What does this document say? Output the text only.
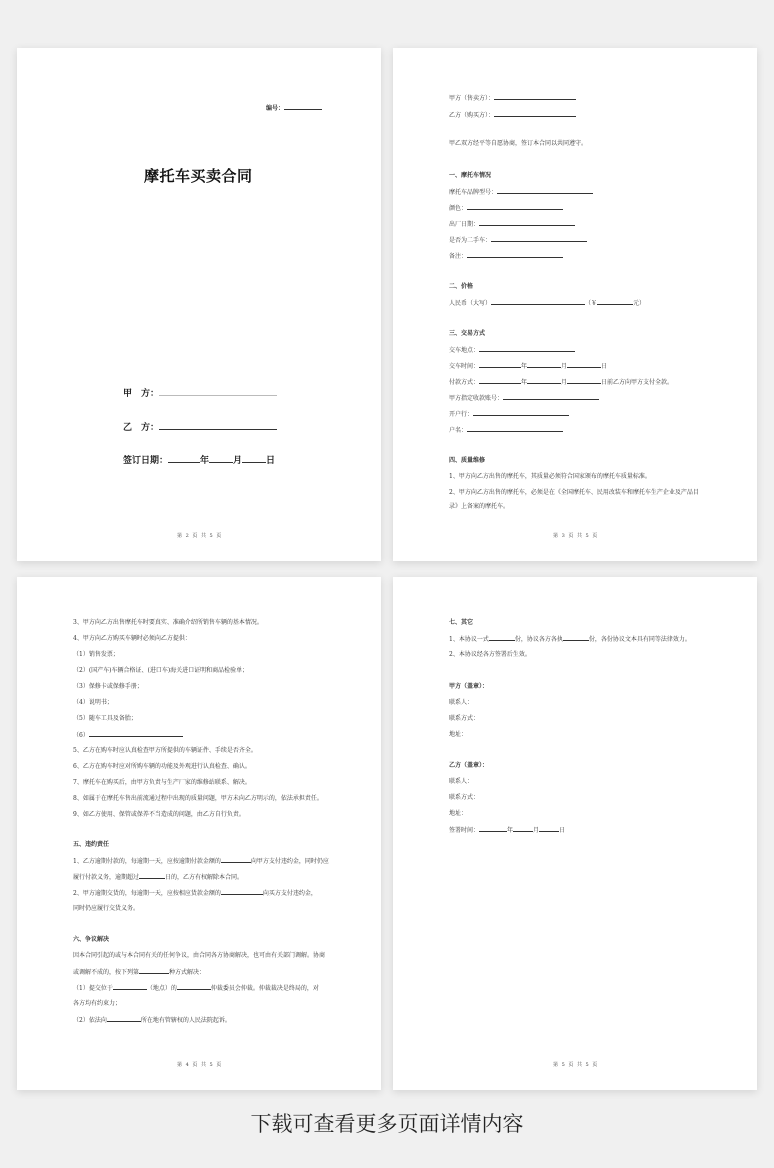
编号：
摩托车买卖合同
甲　方：
乙　方：
签订日期：	年	月	日
第 2 页 共 5 页
甲方（售卖方）：
乙方（购买方）：
甲乙双方经平等自愿协商，签订本合同以共同遵守。
一、摩托车情况
摩托车品牌型号：
颜色：
出厂日期：
是否为二手车：
备注：
二、价格
人民币（大写）	（￥	元）
三、交易方式
交车地点：
交车时间：	年	月	日
付款方式：	年	月	日前乙方向甲方支付全款。
甲方指定收款账号：
开户行：
户名：
四、质量维修
1、甲方向乙方出售的摩托车，其质量必须符合国家颁布的摩托车质量标准。
2、甲方向乙方出售的摩托车，必须是在《全国摩托车、民用改装车和摩托车生产企业及产品目
录》上备案的摩托车。
第 3 页 共 5 页
3、甲方向乙方出售摩托车时要真实、准确介绍所销售车辆的基本情况。
4、甲方向乙方购买车辆时必须向乙方提供：
（1）销售发票；
（2）(国产车)车辆合格证、(进口车)海关进口证明和商品检验单；
（3）保修卡或保修手册；
（4）说明书；
（5）随车工具及备胎；
（6）
5、乙方在购车时应认真检查甲方所提供的车辆证件、手续是否齐全。
6、乙方在购车时应对所购车辆的功能及外观进行认真检查、确认。
7、摩托车在购买后，由甲方负责与生产厂家的维修站联系、解决。
8、如属于在摩托车售出前流通过程中出现的质量问题，甲方未向乙方明示的，依法承担责任。
9、如乙方使用、保管或保养不当造成的问题，由乙方自行负责。
五、违约责任
1、乙方逾期付款的，每逾期一天，应按逾期付款金额的	向甲方支付违约金，同时仍应
履行付款义务，逾期超过	日的，乙方有权解除本合同。
2、甲方逾期交货的，每逾期一天，应按相应货款金额的	向买方支付违约金，
同时仍应履行交货义务。
六、争议解决
因本合同引起的或与本合同有关的任何争议，由合同各方协商解决，也可由有关部门调解。协商
或调解不成的，按下列第	种方式解决：
（1）提交位于	（地点）的	仲裁委员会仲裁。仲裁裁决是终局的，对
各方均有约束力；
（2）依法向	所在地有管辖权的人民法院起诉。
第 4 页 共 5 页
七、其它
1、本协议一式	份，协议各方各执	份，各份协议文本具有同等法律效力。
2、本协议经各方签署后生效。
甲方（盖章）：
联系人：
联系方式：
地址：
乙方（盖章）：
联系人：
联系方式：
地址：
签署时间：	年	月	日
第 5 页 共 5 页
下载可查看更多页面详情内容
